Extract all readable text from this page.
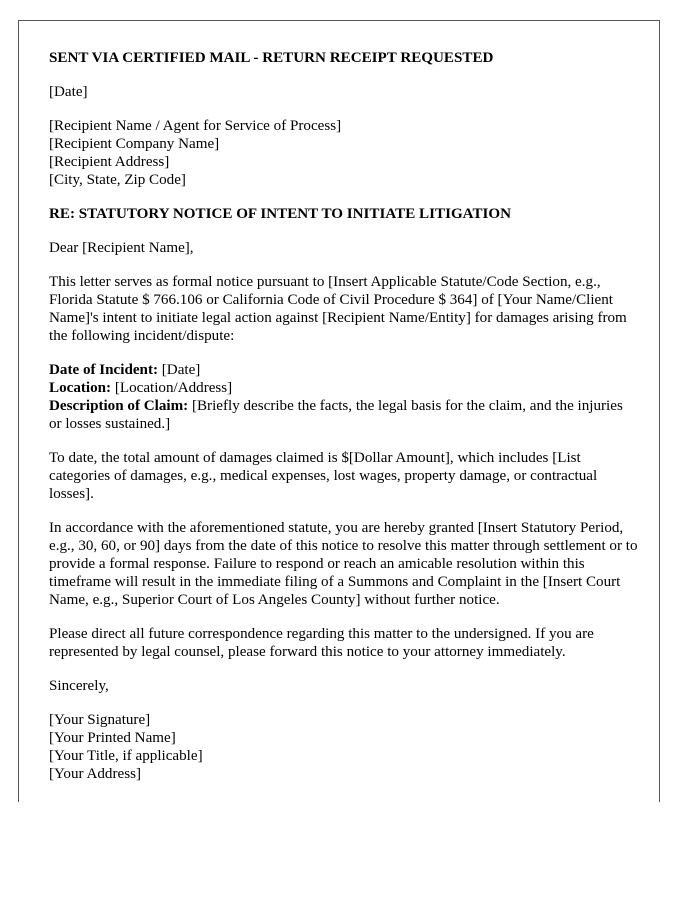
SENT VIA CERTIFIED MAIL - RETURN RECEIPT REQUESTED

[Date]

[Recipient Name / Agent for Service of Process]
[Recipient Company Name]
[Recipient Address]
[City, State, Zip Code]

RE: STATUTORY NOTICE OF INTENT TO INITIATE LITIGATION

Dear [Recipient Name],

This letter serves as formal notice pursuant to [Insert Applicable Statute/Code Section, e.g., Florida Statute $ 766.106 or California Code of Civil Procedure $ 364] of [Your Name/Client Name]'s intent to initiate legal action against [Recipient Name/Entity] for damages arising from the following incident/dispute:

Date of Incident: [Date]
Location: [Location/Address]
Description of Claim: [Briefly describe the facts, the legal basis for the claim, and the injuries or losses sustained.]

To date, the total amount of damages claimed is $[Dollar Amount], which includes [List categories of damages, e.g., medical expenses, lost wages, property damage, or contractual losses].

In accordance with the aforementioned statute, you are hereby granted [Insert Statutory Period, e.g., 30, 60, or 90] days from the date of this notice to resolve this matter through settlement or to provide a formal response. Failure to respond or reach an amicable resolution within this timeframe will result in the immediate filing of a Summons and Complaint in the [Insert Court Name, e.g., Superior Court of Los Angeles County] without further notice.

Please direct all future correspondence regarding this matter to the undersigned. If you are represented by legal counsel, please forward this notice to your attorney immediately.

Sincerely,

[Your Signature]
[Your Printed Name]
[Your Title, if applicable]
[Your Address]
